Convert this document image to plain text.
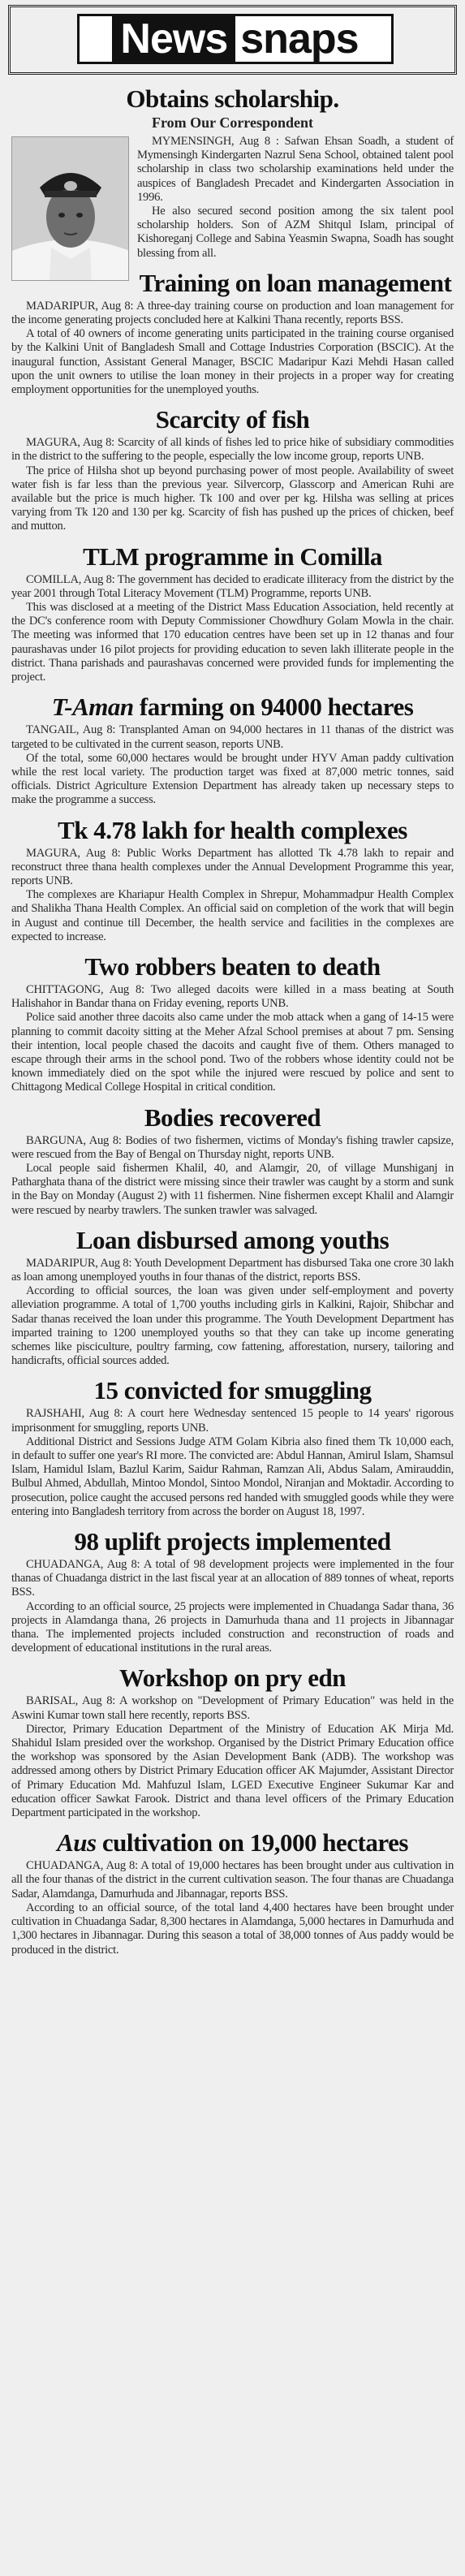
News snaps
Obtains scholarship.
From Our Correspondent

MYMENSINGH, Aug 8 : Safwan Ehsan Soadh, a student of Mymensingh Kindergarten Nazrul Sena School, obtained talent pool scholarship in class two scholarship examinations held under the auspices of Bangladesh Precadet and Kindergarten Association in 1996.

He also secured second position among the six talent pool scholarship holders. Son of AZM Shitqul Islam, principal of Kishoreganj College and Sabina Yeasmin Swapna, Soadh has sought blessing from all.

Training on loan management

MADARIPUR, Aug 8: A three-day training course on production and loan management for the income generating projects concluded here at Kalkini Thana recently, reports BSS.

A total of 40 owners of income generating units participated in the training course organised by the Kalkini Unit of Bangladesh Small and Cottage Industries Corporation (BSCIC). At the inaugural function, Assistant General Manager, BSCIC Madaripur Kazi Mehdi Hasan called upon the unit owners to utilise the loan money in their projects in a proper way for creating employment opportunities for the unemployed youths.

Scarcity of fish

MAGURA, Aug 8: Scarcity of all kinds of fishes led to price hike of subsidiary commodities in the district to the suffering to the people, especially the low income group, reports UNB.

The price of Hilsha shot up beyond purchasing power of most people. Availability of sweet water fish is far less than the previous year. Silvercorp, Glasscorp and American Ruhi are available but the price is much higher. Tk 100 and over per kg. Hilsha was selling at prices varying from Tk 120 and 130 per kg. Scarcity of fish has pushed up the prices of chicken, beef and mutton.

TLM programme in Comilla

COMILLA, Aug 8: The government has decided to eradicate illiteracy from the district by the year 2001 through Total Literacy Movement (TLM) Programme, reports UNB.

This was disclosed at a meeting of the District Mass Education Association, held recently at the DC's conference room with Deputy Commissioner Chowdhury Golam Mowla in the chair. The meeting was informed that 170 education centres have been set up in 12 thanas and four paurashavas under 16 pilot projects for providing education to seven lakh illiterate people in the district. Thana parishads and paurashavas concerned were provided funds for implementing the project.

T-Aman farming on 94000 hectares

TANGAIL, Aug 8: Transplanted Aman on 94,000 hectares in 11 thanas of the district was targeted to be cultivated in the current season, reports UNB.

Of the total, some 60,000 hectares would be brought under HYV Aman paddy cultivation while the rest local variety. The production target was fixed at 87,000 metric tonnes, said officials. District Agriculture Extension Department has already taken up necessary steps to make the programme a success.

Tk 4.78 lakh for health complexes

MAGURA, Aug 8: Public Works Department has allotted Tk 4.78 lakh to repair and reconstruct three thana health complexes under the Annual Development Programme this year, reports UNB.

The complexes are Khariapur Health Complex in Shrepur, Mohammadpur Health Complex and Shalikha Thana Health Complex. An official said on completion of the work that will begin in August and continue till December, the health service and facilities in the complexes are expected to increase.

Two robbers beaten to death

CHITTAGONG, Aug 8: Two alleged dacoits were killed in a mass beating at South Halishahor in Bandar thana on Friday evening, reports UNB.

Police said another three dacoits also came under the mob attack when a gang of 14-15 were planning to commit dacoity sitting at the Meher Afzal School premises at about 7 pm. Sensing their intention, local people chased the dacoits and caught five of them. Others managed to escape through their arms in the school pond. Two of the robbers whose identity could not be known immediately died on the spot while the injured were rescued by police and sent to Chittagong Medical College Hospital in critical condition.

Bodies recovered

BARGUNA, Aug 8: Bodies of two fishermen, victims of Monday's fishing trawler capsize, were rescued from the Bay of Bengal on Thursday night, reports UNB.

Local people said fishermen Khalil, 40, and Alamgir, 20, of village Munshiganj in Patharghata thana of the district were missing since their trawler was caught by a storm and sunk in the Bay on Monday (August 2) with 11 fishermen. Nine fishermen except Khalil and Alamgir were rescued by nearby trawlers. The sunken trawler was salvaged.

Loan disbursed among youths

MADARIPUR, Aug 8: Youth Development Department has disbursed Taka one crore 30 lakh as loan among unemployed youths in four thanas of the district, reports BSS.

According to official sources, the loan was given under self-employment and poverty alleviation programme. A total of 1,700 youths including girls in Kalkini, Rajoir, Shibchar and Sadar thanas received the loan under this programme. The Youth Development Department has imparted training to 1200 unemployed youths so that they can take up income generating schemes like pisciculture, poultry farming, cow fattening, afforestation, nursery, tailoring and handicrafts, official sources added.

15 convicted for smuggling

RAJSHAHI, Aug 8: A court here Wednesday sentenced 15 people to 14 years' rigorous imprisonment for smuggling, reports UNB.

Additional District and Sessions Judge ATM Golam Kibria also fined them Tk 10,000 each, in default to suffer one year's RI more. The convicted are: Abdul Hannan, Amirul Islam, Shamsul Islam, Hamidul Islam, Bazlul Karim, Saidur Rahman, Ramzan Ali, Abdus Salam, Amirauddin, Bulbul Ahmed, Abdullah, Mintoo Mondol, Sintoo Mondol, Niranjan and Moktadir. According to prosecution, police caught the accused persons red handed with smuggled goods while they were entering into Bangladesh territory from across the border on August 18, 1997.

98 uplift projects implemented

CHUADANGA, Aug 8: A total of 98 development projects were implemented in the four thanas of Chuadanga district in the last fiscal year at an allocation of 889 tonnes of wheat, reports BSS.

According to an official source, 25 projects were implemented in Chuadanga Sadar thana, 36 projects in Alamdanga thana, 26 projects in Damurhuda thana and 11 projects in Jibannagar thana. The implemented projects included construction and reconstruction of roads and development of educational institutions in the rural areas.

Workshop on pry edn

BARISAL, Aug 8: A workshop on "Development of Primary Education" was held in the Aswini Kumar town stall here recently, reports BSS.

Director, Primary Education Department of the Ministry of Education AK Mirja Md. Shahidul Islam presided over the workshop. Organised by the District Primary Education office the workshop was sponsored by the Asian Development Bank (ADB). The workshop was addressed among others by District Primary Education officer AK Majumder, Assistant Director of Primary Education Md. Mahfuzul Islam, LGED Executive Engineer Sukumar Kar and education officer Sawkat Farook. District and thana level officers of the Primary Education Department participated in the workshop.

Aus cultivation on 19,000 hectares

CHUADANGA, Aug 8: A total of 19,000 hectares has been brought under aus cultivation in all the four thanas of the district in the current cultivation season. The four thanas are Chuadanga Sadar, Alamdanga, Damurhuda and Jibannagar, reports BSS.

According to an official source, of the total land 4,400 hectares have been brought under cultivation in Chuadanga Sadar, 8,300 hectares in Alamdanga, 5,000 hectares in Damurhuda and 1,300 hectares in Jibannagar. During this season a total of 38,000 tonnes of Aus paddy would be produced in the district.
